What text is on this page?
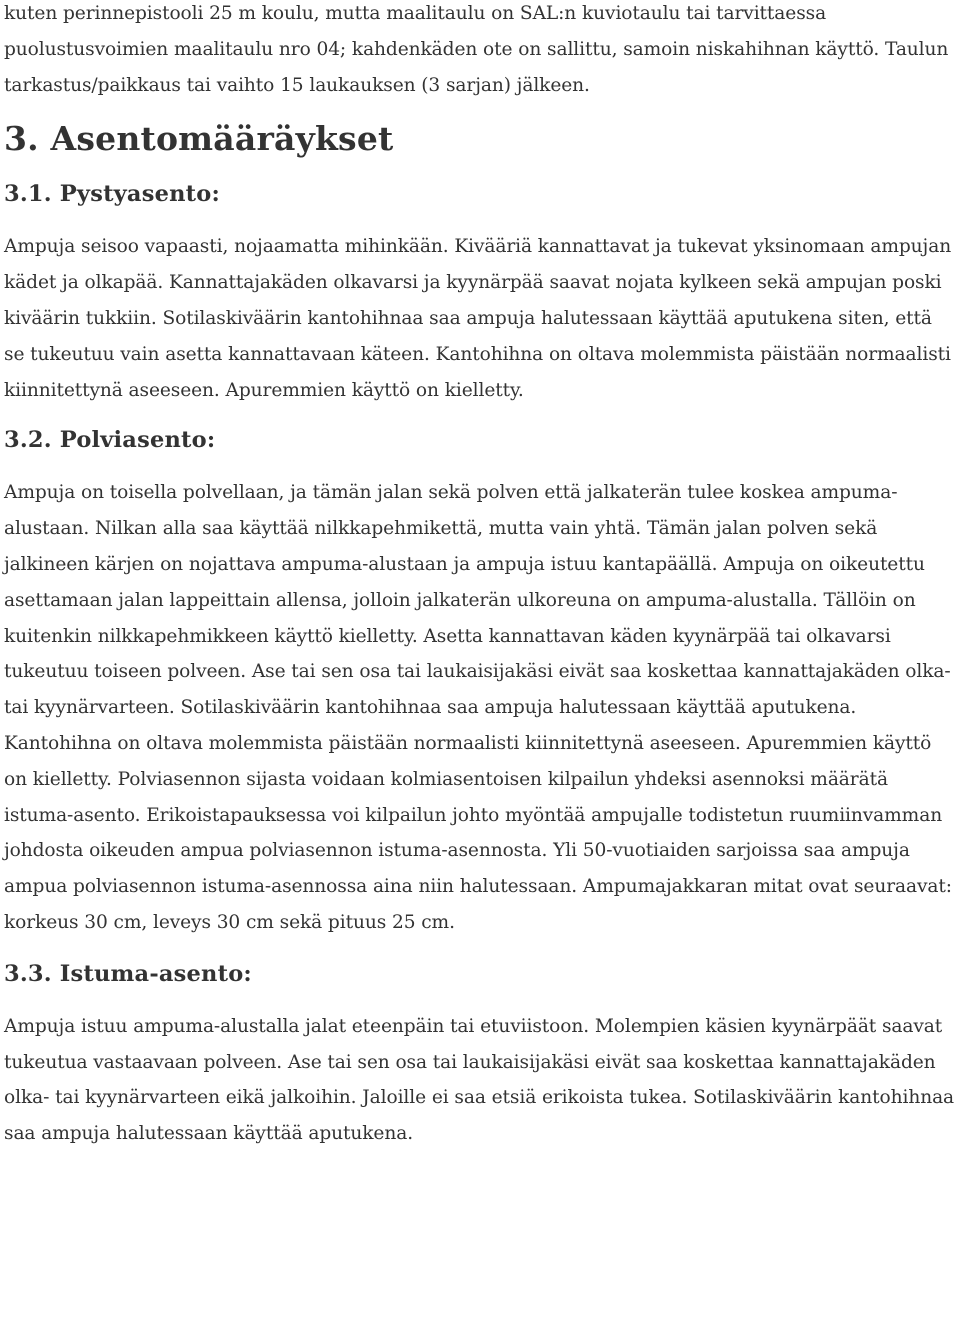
kuten perinnepistooli 25 m koulu, mutta maalitaulu on SAL:n kuviotaulu tai tarvittaessa puolustusvoimien maalitaulu nro 04; kahdenkäden ote on sallittu, samoin niskahihnan käyttö. Taulun tarkastus/paikkaus tai vaihto 15 laukauksen (3 sarjan) jälkeen.

3. Asentomääräykset
3.1. Pystyasento:

Ampuja seisoo vapaasti, nojaamatta mihinkään. Kivääriä kannattavat ja tukevat yksinomaan ampujan kädet ja olkapää. Kannattajakäden olkavarsi ja kyynärpää saavat nojata kylkeen sekä ampujan poski kiväärin tukkiin. Sotilaskiväärin kantohihnaa saa ampuja halutessaan käyttää aputukena siten, että se tukeutuu vain asetta kannattavaan käteen. Kantohihna on oltava molemmista päistään normaalisti kiinnitettynä aseeseen. Apuremmien käyttö on kielletty.

3.2. Polviasento:

Ampuja on toisella polvellaan, ja tämän jalan sekä polven että jalkaterän tulee koskea ampuma-alustaan. Nilkan alla saa käyttää nilkkapehmikettä, mutta vain yhtä. Tämän jalan polven sekä jalkineen kärjen on nojattava ampuma-alustaan ja ampuja istuu kantapäällä. Ampuja on oikeutettu asettamaan jalan lappeittain allensa, jolloin jalkaterän ulkoreuna on ampuma-alustalla. Tällöin on kuitenkin nilkkapehmikkeen käyttö kielletty. Asetta kannattavan käden kyynärpää tai olkavarsi tukeutuu toiseen polveen. Ase tai sen osa tai laukaisijakäsi eivät saa koskettaa kannattajakäden olka- tai kyynärvarteen. Sotilaskiväärin kantohihnaa saa ampuja halutessaan käyttää aputukena. Kantohihna on oltava molemmista päistään normaalisti kiinnitettynä aseeseen. Apuremmien käyttö on kielletty. Polviasennon sijasta voidaan kolmiasentoisen kilpailun yhdeksi asennoksi määrätä istuma-asento. Erikoistapauksessa voi kilpailun johto myöntää ampujalle todistetun ruumiinvamman johdosta oikeuden ampua polviasennon istuma-asennosta. Yli 50-vuotiaiden sarjoissa saa ampuja ampua polviasennon istuma-asennossa aina niin halutessaan. Ampumajakkaran mitat ovat seuraavat: korkeus 30 cm, leveys 30 cm sekä pituus 25 cm.

3.3. Istuma-asento:

Ampuja istuu ampuma-alustalla jalat eteenpäin tai etuviistoon. Molempien käsien kyynärpäät saavat tukeutua vastaavaan polveen. Ase tai sen osa tai laukaisijakäsi eivät saa koskettaa kannattajakäden olka- tai kyynärvarteen eikä jalkoihin. Jaloille ei saa etsiä erikoista tukea. Sotilaskiväärin kantohihnaa saa ampuja halutessaan käyttää aputukena.
